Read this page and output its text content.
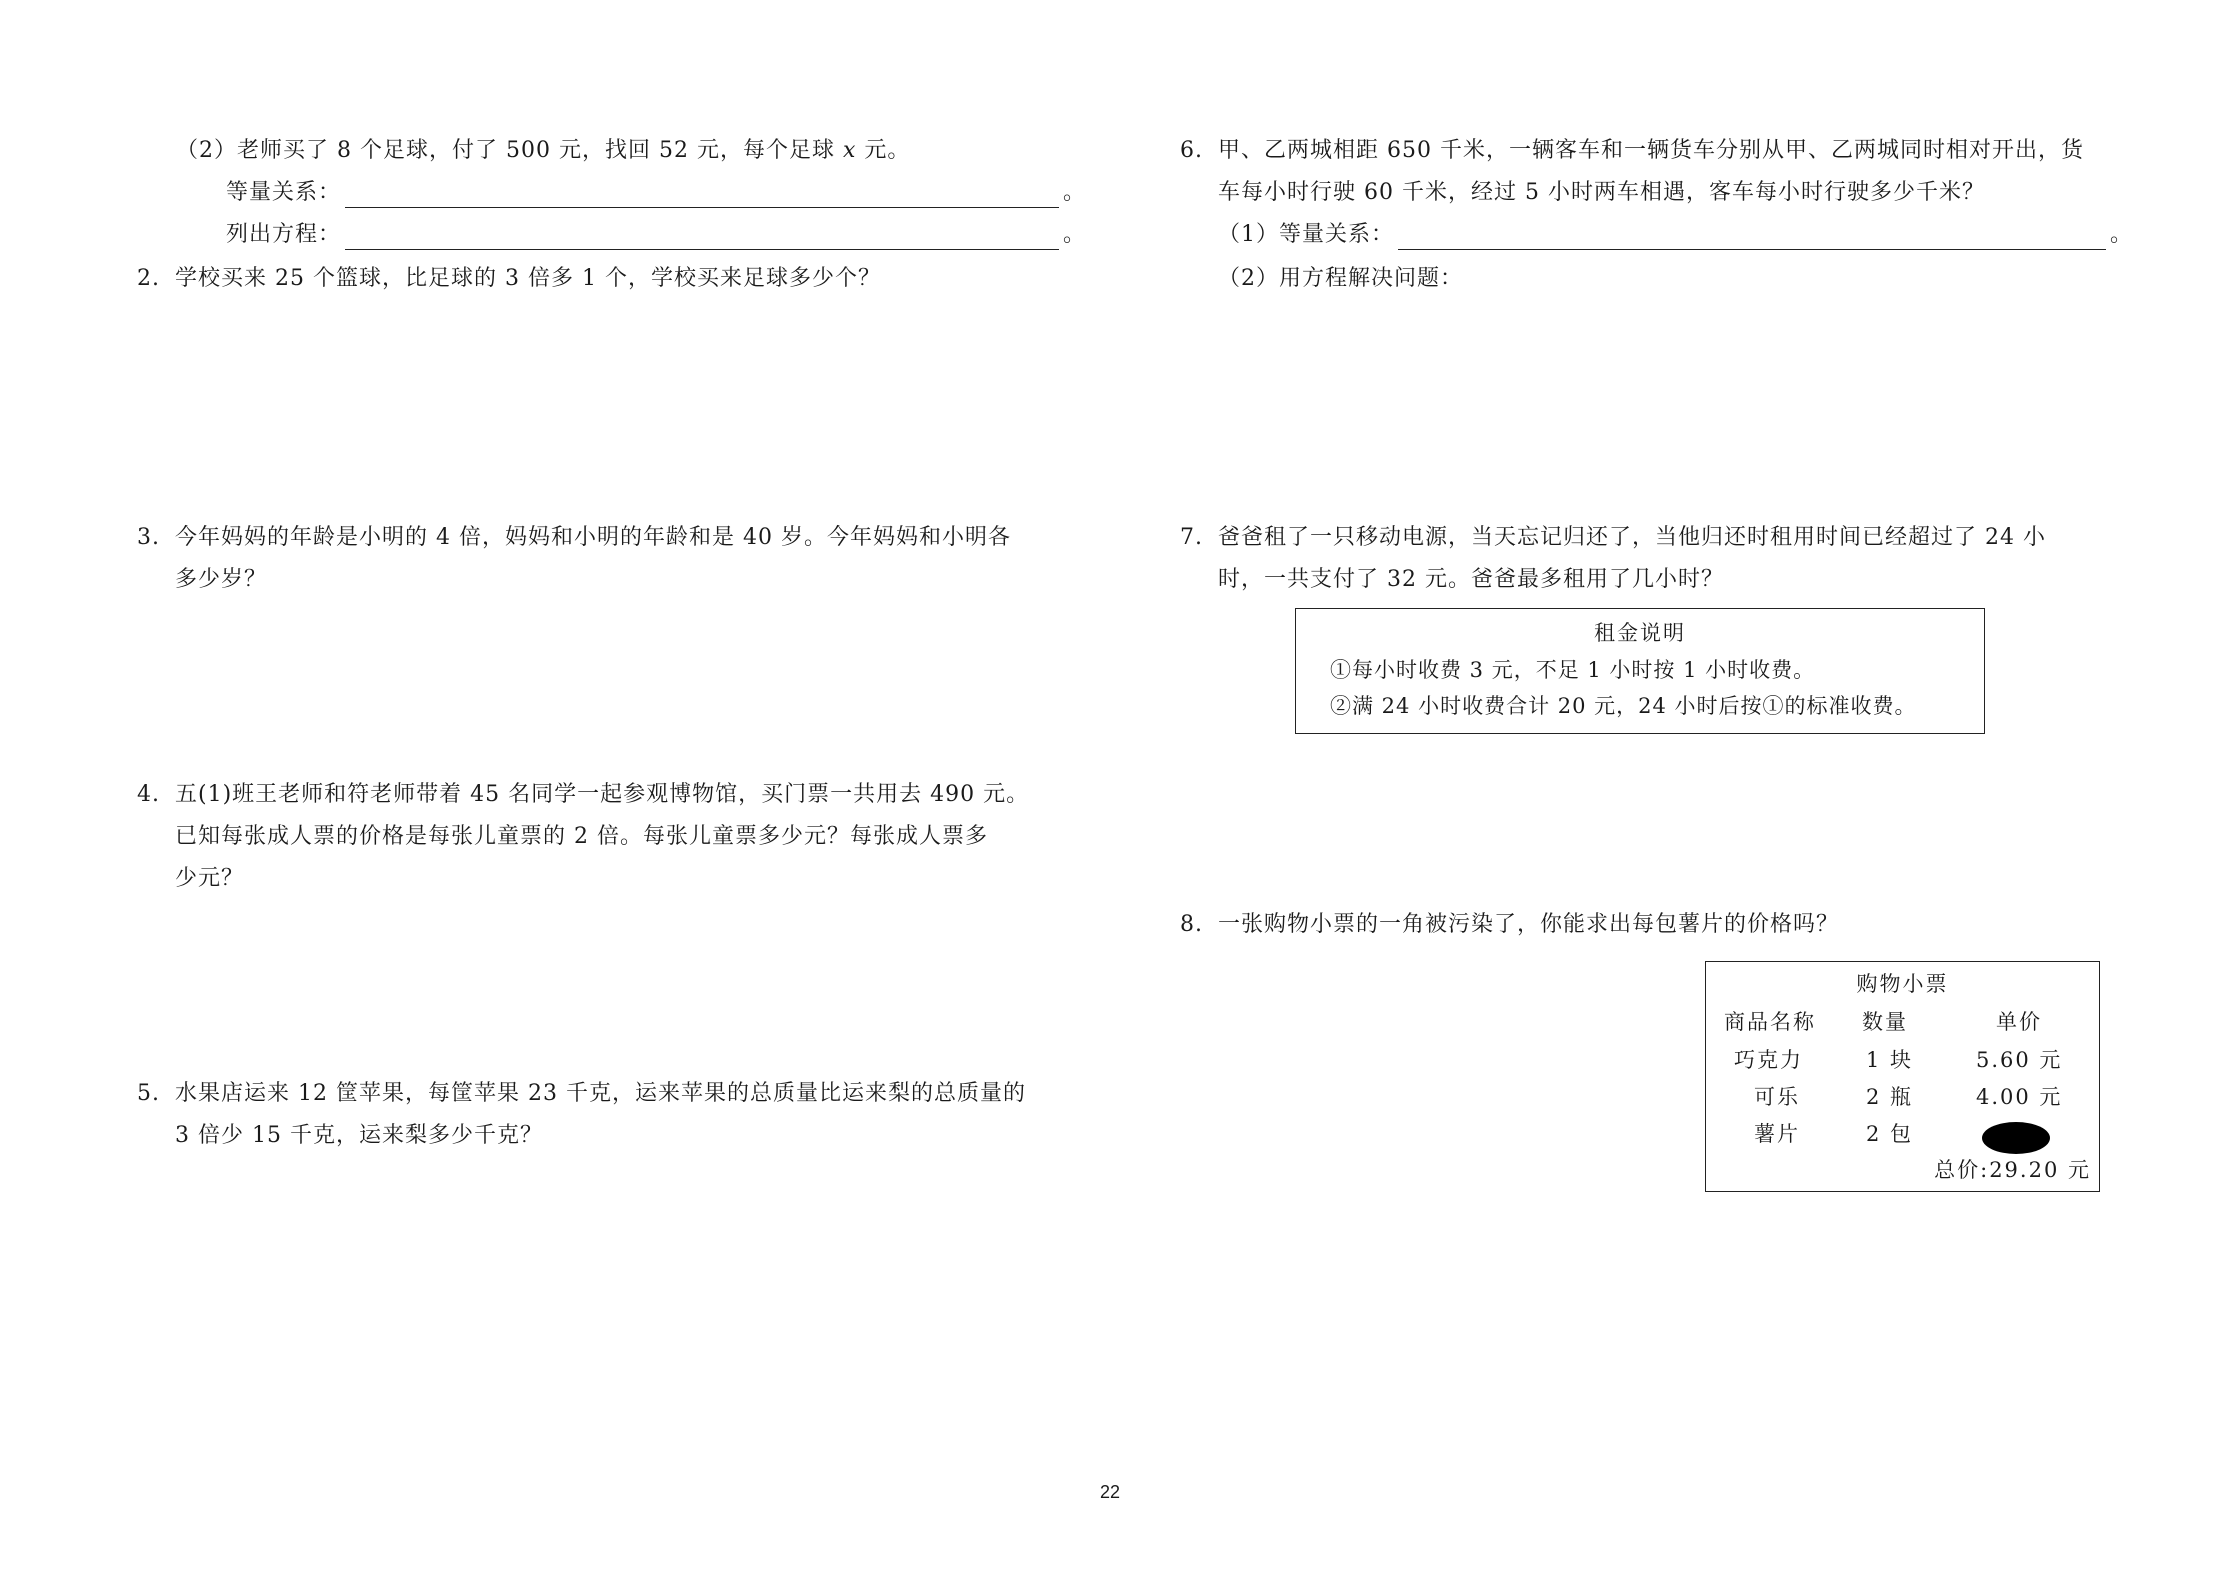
（2）老师买了 8 个足球，付了 500 元，找回 52 元，每个足球 x 元。
等量关系：	。
列出方程：	。
2. 学校买来 25 个篮球，比足球的 3 倍多 1 个，学校买来足球多少个？
3. 今年妈妈的年龄是小明的 4 倍，妈妈和小明的年龄和是 40 岁。今年妈妈和小明各
多少岁？
4. 五(1)班王老师和符老师带着 45 名同学一起参观博物馆，买门票一共用去 490 元。
已知每张成人票的价格是每张儿童票的 2 倍。每张儿童票多少元？每张成人票多
少元？
5. 水果店运来 12 筐苹果，每筐苹果 23 千克，运来苹果的总质量比运来梨的总质量的
3 倍少 15 千克，运来梨多少千克？
6. 甲、乙两城相距 650 千米，一辆客车和一辆货车分别从甲、乙两城同时相对开出，货
车每小时行驶 60 千米，经过 5 小时两车相遇，客车每小时行驶多少千米？
（1）等量关系：	。
（2）用方程解决问题：
7. 爸爸租了一只移动电源，当天忘记归还了，当他归还时租用时间已经超过了 24 小
时，一共支付了 32 元。爸爸最多租用了几小时？
租金说明
①每小时收费 3 元，不足 1 小时按 1 小时收费。
②满 24 小时收费合计 20 元，24 小时后按①的标准收费。
8. 一张购物小票的一角被污染了，你能求出每包薯片的价格吗？
购物小票
商品名称 数量	单价
巧克力	1 块	5.60 元
可乐	2 瓶	4.00 元
薯片	2 包
总价:29.20 元
22
